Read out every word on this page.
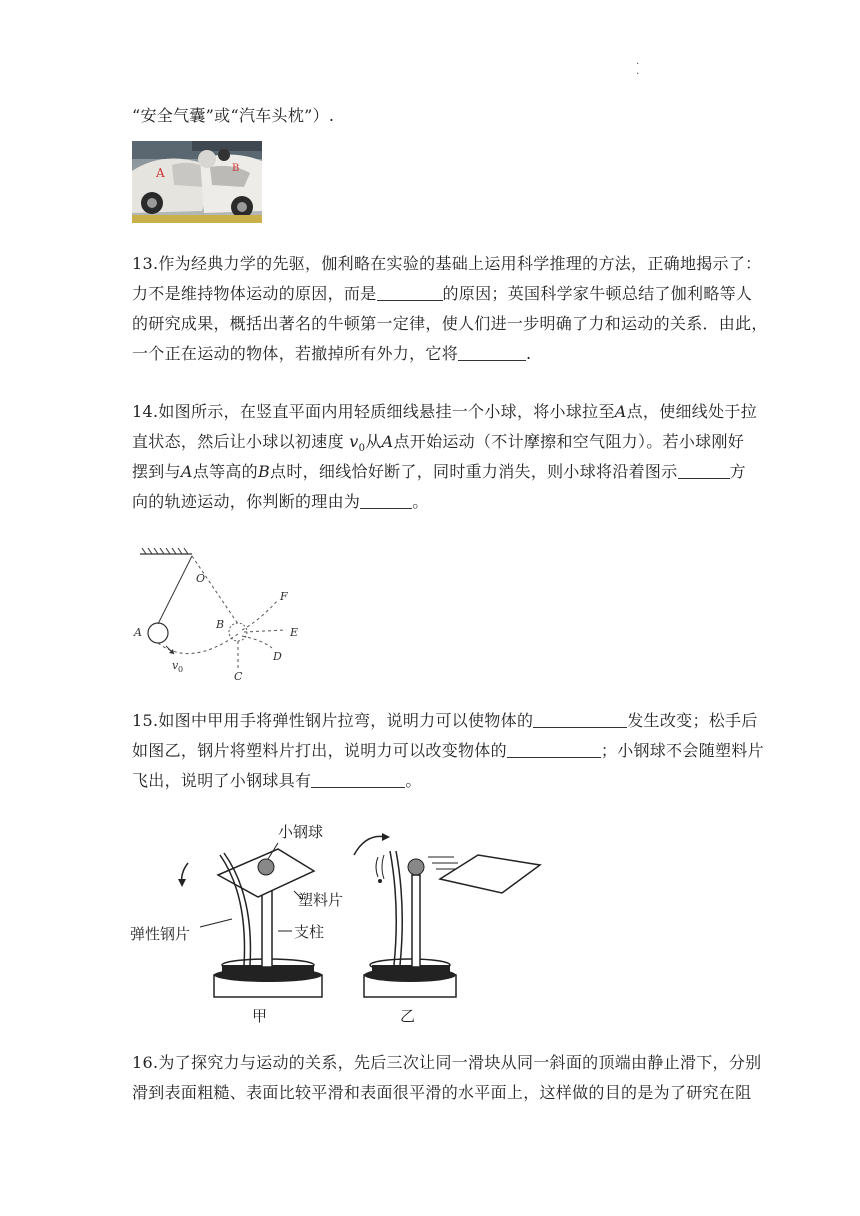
·
·
“安全气囊”或“汽车头枕”）.
A	B
13.作为经典力学的先驱，伽利略在实验的基础上运用科学推理的方法，正确地揭示了：
力不是维持物体运动的原因，而是	的原因；英国科学家牛顿总结了伽利略等人
的研究成果，概括出著名的牛顿第一定律，使人们进一步明确了力和运动的关系．由此，
一个正在运动的物体，若撤掉所有外力，它将	.
14.如图所示，在竖直平面内用轻质细线悬挂一个小球，将小球拉至A点，使细线处于拉
直状态，然后让小球以初速度 $v_0$从A点开始运动（不计摩擦和空气阻力）。若小球刚好
摆到与A点等高的B点时，细线恰好断了，同时重力消失，则小球将沿着图示	方
向的轨迹运动，你判断的理由为	。
O
A
B
C
D
E
F
v 0
15.如图中甲用手将弹性钢片拉弯，说明力可以使物体的	发生改变；松手后
如图乙，钢片将塑料片打出，说明力可以改变物体的	；小钢球不会随塑料片
飞出，说明了小钢球具有	。
小钢球
塑料片
弹性钢片	支柱
甲	乙
16.为了探究力与运动的关系，先后三次让同一滑块从同一斜面的顶端由静止滑下，分别
滑到表面粗糙、表面比较平滑和表面很平滑的水平面上，这样做的目的是为了研究在阻
